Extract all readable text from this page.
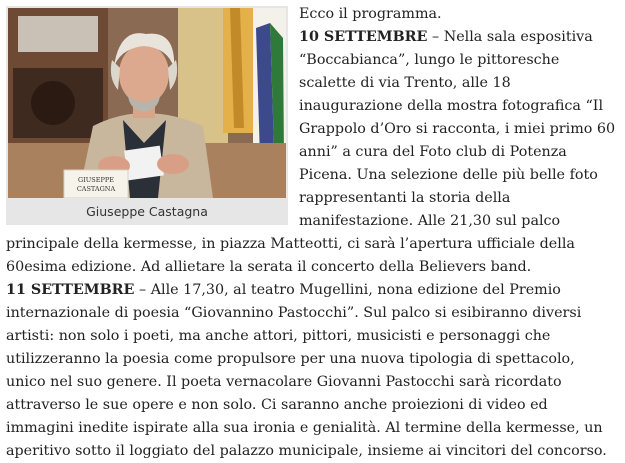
GIUSEPPE
CASTAGNA
Giuseppe Castagna

Ecco il programma.

10 SETTEMBRE – Nella sala espositiva “Boccabianca”, lungo le pittoresche scalette di via Trento, alle 18 inaugurazione della mostra fotografica “Il Grappolo d’Oro si racconta, i miei primo 60 anni” a cura del Foto club di Potenza Picena. Una selezione delle più belle foto rappresentanti la storia della manifestazione. Alle 21,30 sul palco principale della kermesse, in piazza Matteotti, ci sarà l’apertura ufficiale della 60esima edizione. Ad allietare la serata il concerto della Believers band.

11 SETTEMBRE – Alle 17,30, al teatro Mugellini, nona edizione del Premio internazionale di poesia “Giovannino Pastocchi”. Sul palco si esibiranno diversi artisti: non solo i poeti, ma anche attori, pittori, musicisti e personaggi che utilizzeranno la poesia come propulsore per una nuova tipologia di spettacolo, unico nel suo genere. Il poeta vernacolare Giovanni Pastocchi sarà ricordato attraverso le sue opere e non solo. Ci saranno anche proiezioni di video ed immagini inedite ispirate alla sua ironia e genialità. Al termine della kermesse, un aperitivo sotto il loggiato del palazzo municipale, insieme ai vincitori del concorso.
